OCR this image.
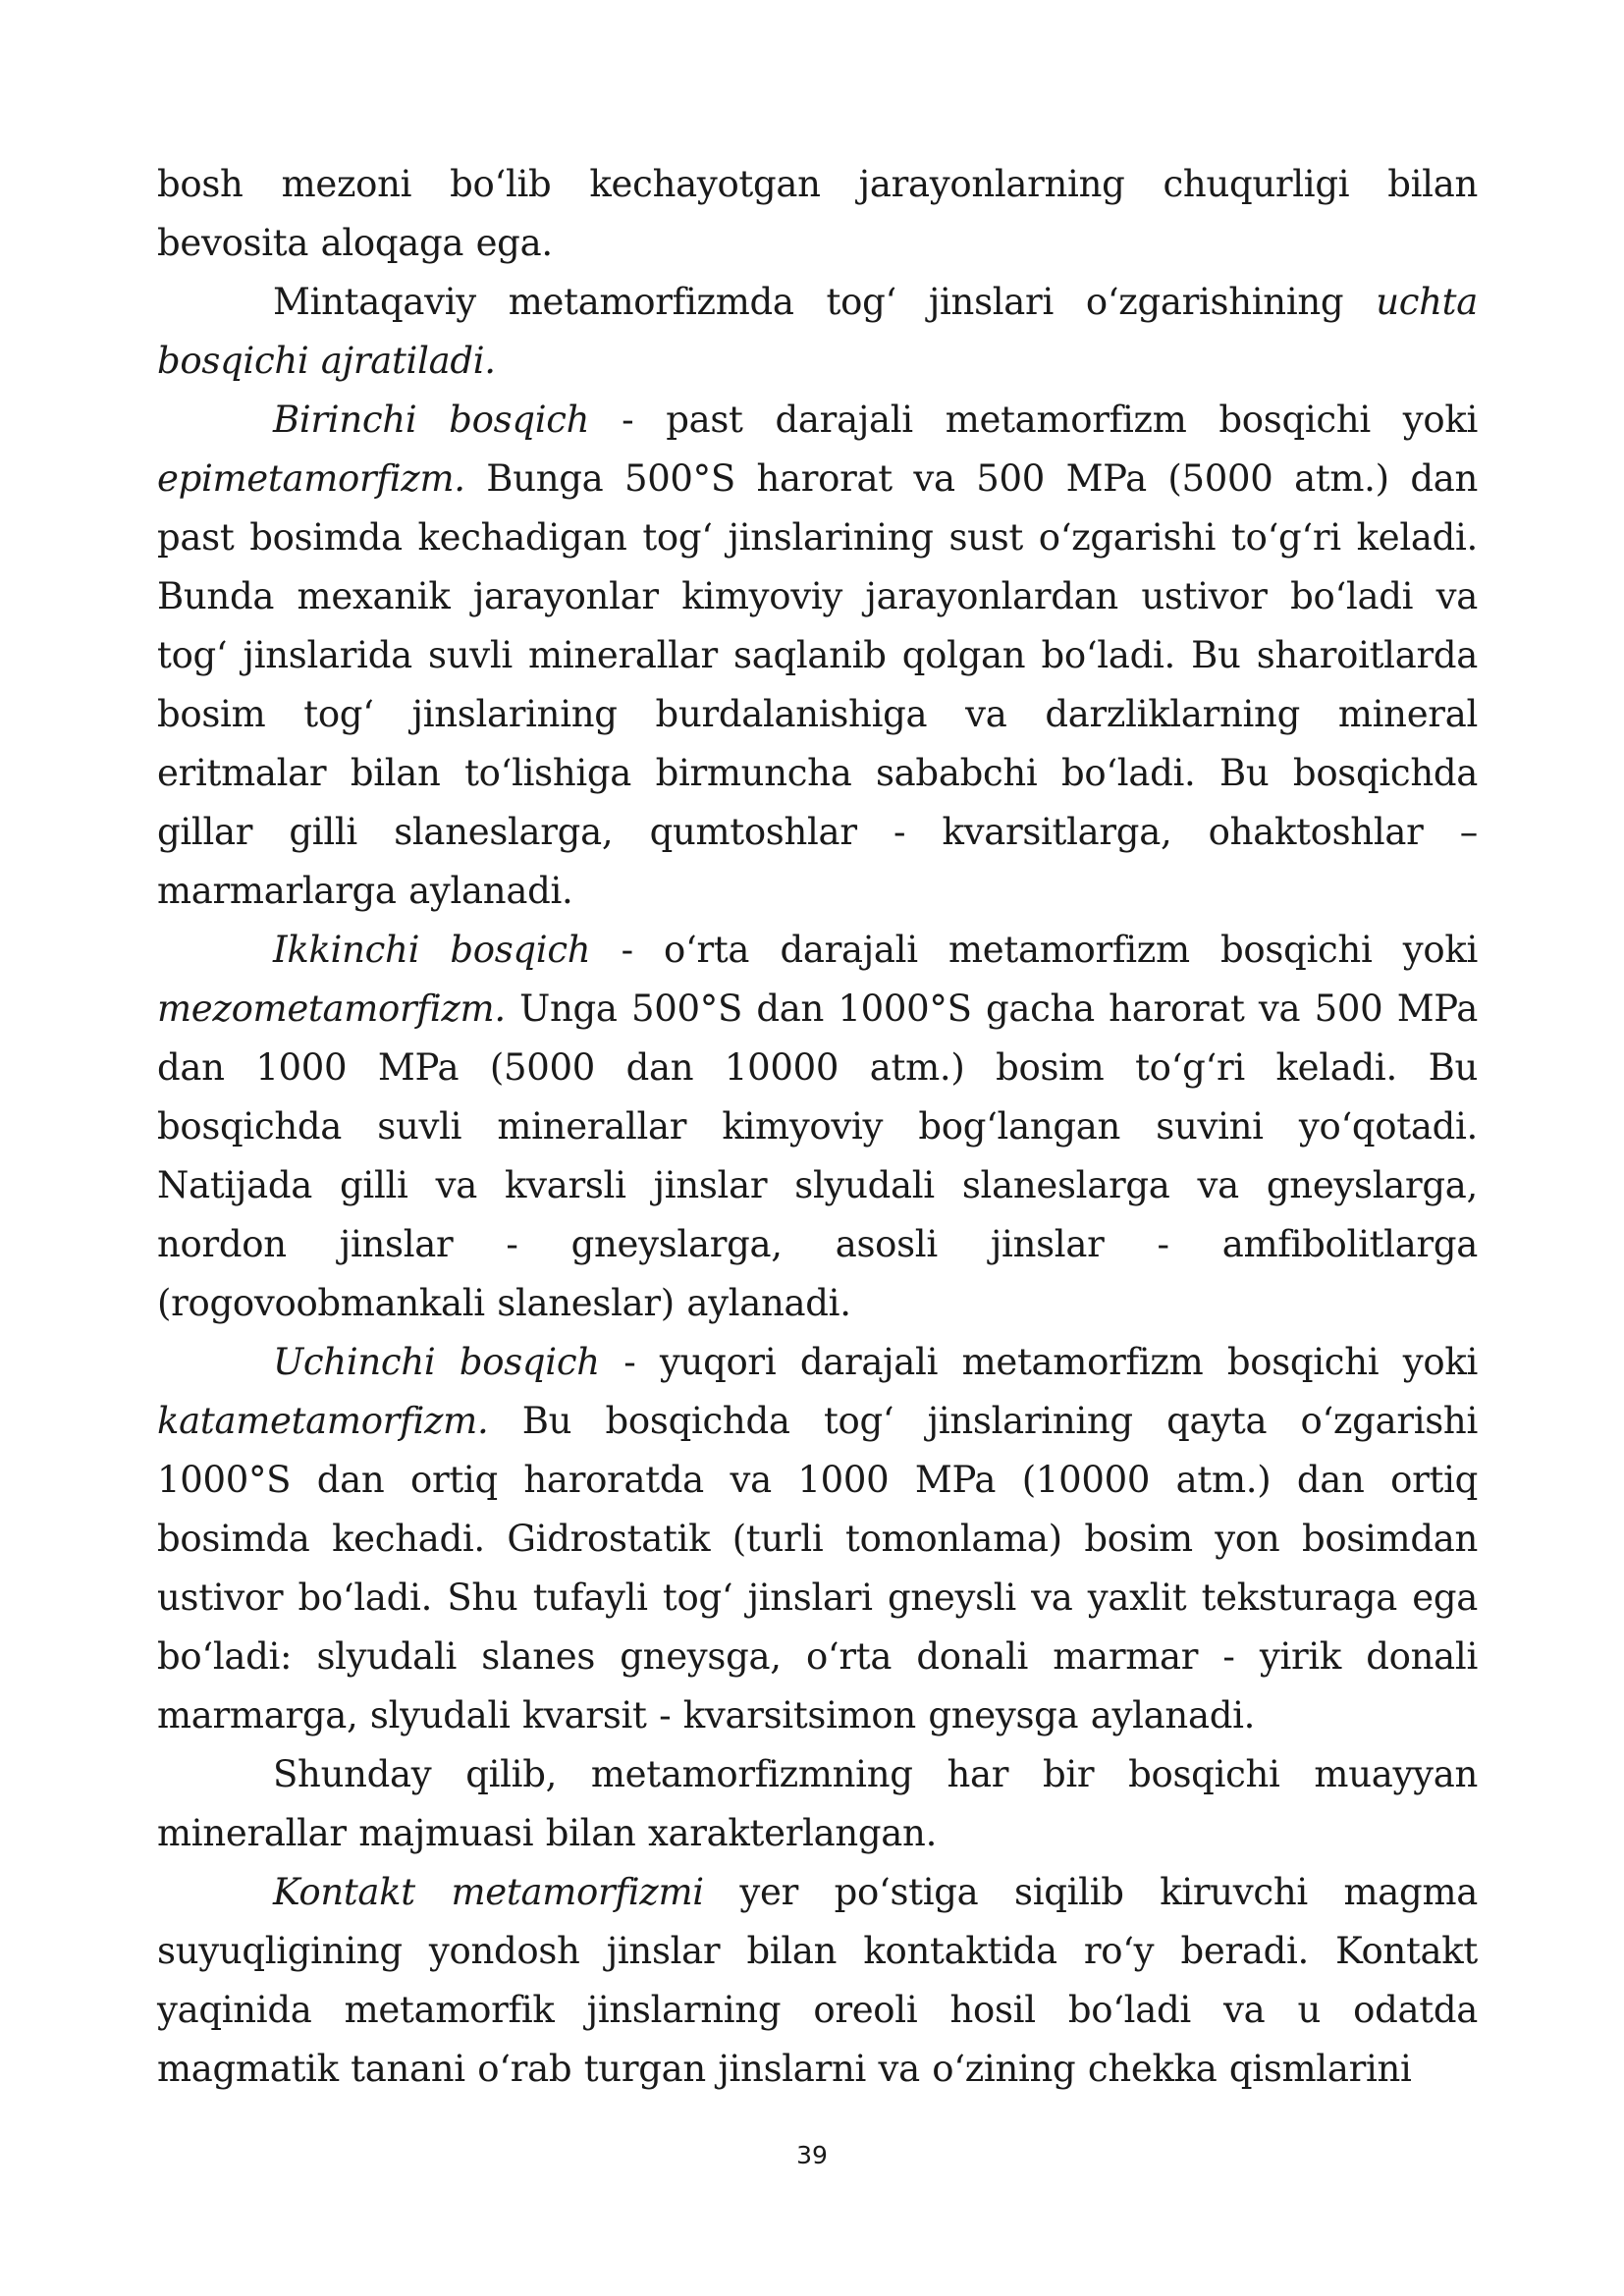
bosh mezoni bo‘lib kechayotgan jarayonlarning chuqurligi bilan bevosita aloqaga ega.

Mintaqaviy metamorfizmda tog‘ jinslari o‘zgarishining uchta bosqichi ajratiladi.

Birinchi bosqich - past darajali metamorfizm bosqichi yoki epimetamorfizm. Bunga 500°S harorat va 500 MPa (5000 atm.) dan past bosimda kechadigan tog‘ jinslarining sust o‘zgarishi to‘g‘ri keladi. Bunda mexanik jarayonlar kimyoviy jarayonlardan ustivor bo‘ladi va tog‘ jinslarida suvli minerallar saqlanib qolgan bo‘ladi. Bu sharoitlarda bosim tog‘ jinslarining burdalanishiga va darzliklarning mineral eritmalar bilan to‘lishiga birmuncha sababchi bo‘ladi. Bu bosqichda gillar gilli slaneslarga, qumtoshlar - kvarsitlarga, ohaktoshlar – marmarlarga aylanadi.

Ikkinchi bosqich - o‘rta darajali metamorfizm bosqichi yoki mezometamorfizm. Unga 500°S dan 1000°S gacha harorat va 500 MPa dan 1000 MPa (5000 dan 10000 atm.) bosim to‘g‘ri keladi. Bu bosqichda suvli minerallar kimyoviy bog‘langan suvini yo‘qotadi. Natijada gilli va kvarsli jinslar slyudali slaneslarga va gneyslarga, nordon jinslar - gneyslarga, asosli jinslar - amfibolitlarga (rogovoobmankali slaneslar) aylanadi.

Uchinchi bosqich - yuqori darajali metamorfizm bosqichi yoki katametamorfizm. Bu bosqichda tog‘ jinslarining qayta o‘zgarishi 1000°S dan ortiq haroratda va 1000 MPa (10000 atm.) dan ortiq bosimda kechadi. Gidrostatik (turli tomonlama) bosim yon bosimdan ustivor bo‘ladi. Shu tufayli tog‘ jinslari gneysli va yaxlit teksturaga ega bo‘ladi: slyudali slanes gneysga, o‘rta donali marmar - yirik donali marmarga, slyudali kvarsit - kvarsitsimon gneysga aylanadi.

Shunday qilib, metamorfizmning har bir bosqichi muayyan minerallar majmuasi bilan xarakterlangan.

Kontakt metamorfizmi yer po‘stiga siqilib kiruvchi magma suyuqligining yondosh jinslar bilan kontaktida ro‘y beradi. Kontakt yaqinida metamorfik jinslarning oreoli hosil bo‘ladi va u odatda magmatik tanani o‘rab turgan jinslarni va o‘zining chekka qismlarini

39
